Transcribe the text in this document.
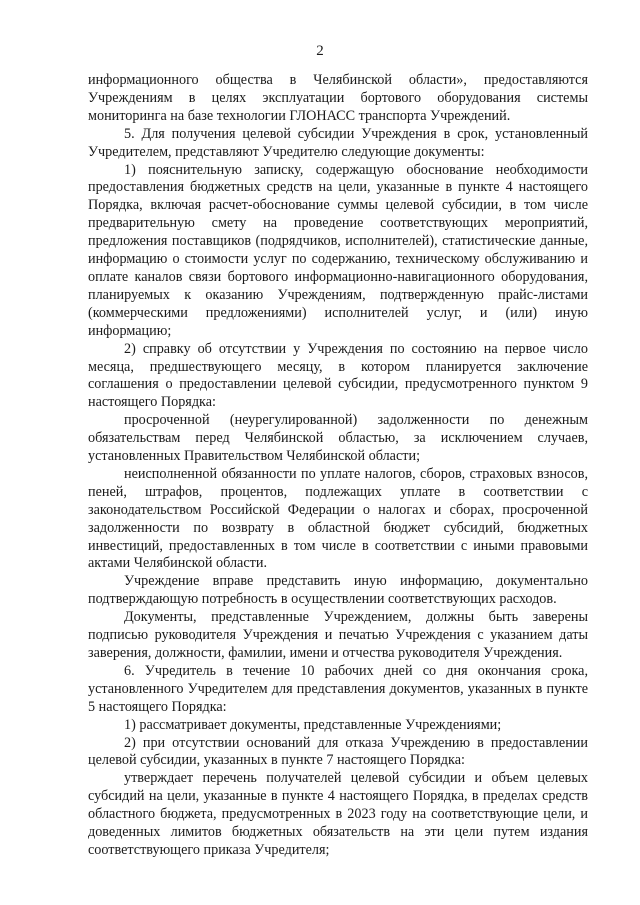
2

информационного общества в Челябинской области», предоставляются Учреждениям в целях эксплуатации бортового оборудования системы мониторинга на базе технологии ГЛОНАСС транспорта Учреждений.

5. Для получения целевой субсидии Учреждения в срок, установленный Учредителем, представляют Учредителю следующие документы:

1) пояснительную записку, содержащую обоснование необходимости предоставления бюджетных средств на цели, указанные в пункте 4 настоящего Порядка, включая расчет-обоснование суммы целевой субсидии, в том числе предварительную смету на проведение соответствующих мероприятий, предложения поставщиков (подрядчиков, исполнителей), статистические данные, информацию о стоимости услуг по содержанию, техническому обслуживанию и оплате каналов связи бортового информационно-навигационного оборудования, планируемых к оказанию Учреждениям, подтвержденную прайс-листами (коммерческими предложениями) исполнителей услуг, и (или) иную информацию;

2) справку об отсутствии у Учреждения по состоянию на первое число месяца, предшествующего месяцу, в котором планируется заключение соглашения о предоставлении целевой субсидии, предусмотренного пунктом 9 настоящего Порядка:

просроченной (неурегулированной) задолженности по денежным обязательствам перед Челябинской областью, за исключением случаев, установленных Правительством Челябинской области;

неисполненной обязанности по уплате налогов, сборов, страховых взносов, пеней, штрафов, процентов, подлежащих уплате в соответствии с законодательством Российской Федерации о налогах и сборах, просроченной задолженности по возврату в областной бюджет субсидий, бюджетных инвестиций, предоставленных в том числе в соответствии с иными правовыми актами Челябинской области.

Учреждение вправе представить иную информацию, документально подтверждающую потребность в осуществлении соответствующих расходов.

Документы, представленные Учреждением, должны быть заверены подписью руководителя Учреждения и печатью Учреждения с указанием даты заверения, должности, фамилии, имени и отчества руководителя Учреждения.

6. Учредитель в течение 10 рабочих дней со дня окончания срока, установленного Учредителем для представления документов, указанных в пункте 5 настоящего Порядка:

1) рассматривает документы, представленные Учреждениями;

2) при отсутствии оснований для отказа Учреждению в предоставлении целевой субсидии, указанных в пункте 7 настоящего Порядка:

утверждает перечень получателей целевой субсидии и объем целевых субсидий на цели, указанные в пункте 4 настоящего Порядка, в пределах средств областного бюджета, предусмотренных в 2023 году на соответствующие цели, и доведенных лимитов бюджетных обязательств на эти цели путем издания соответствующего приказа Учредителя;
